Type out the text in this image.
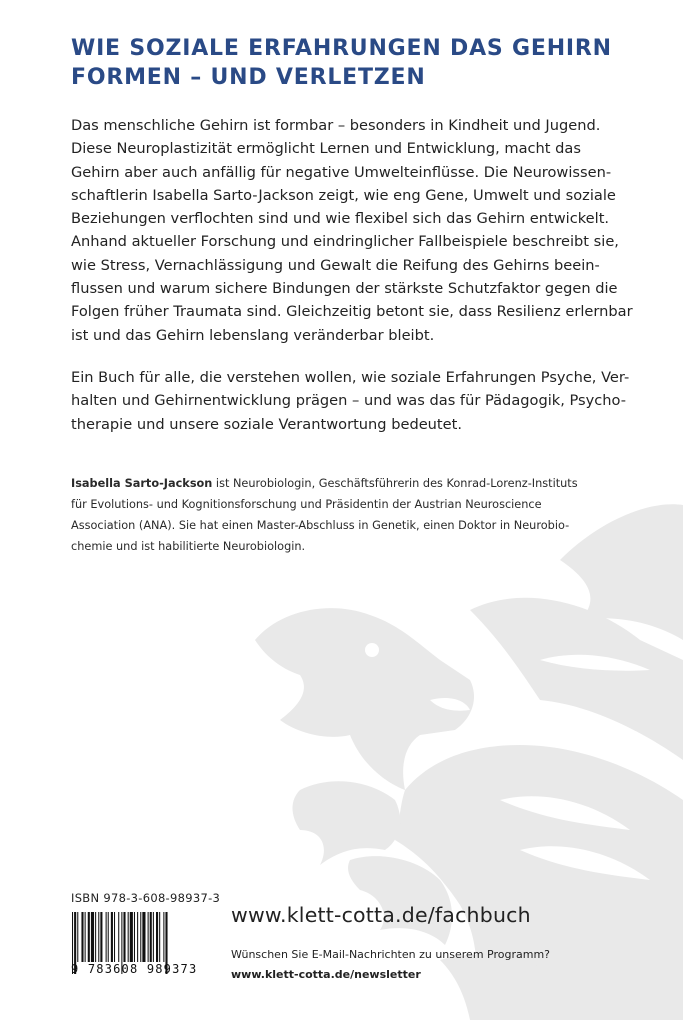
WIE SOZIALE ERFAHRUNGEN DAS GEHIRN
FORMEN – UND VERLETZEN
Das menschliche Gehirn ist formbar – besonders in Kindheit und Jugend.
Diese Neuroplastizität ermöglicht Lernen und Entwicklung, macht das
Gehirn aber auch anfällig für negative Umwelteinflüsse. Die Neurowissen-
schaftlerin Isabella Sarto-Jackson zeigt, wie eng Gene, Umwelt und soziale
Beziehungen verflochten sind und wie flexibel sich das Gehirn entwickelt.
Anhand aktueller Forschung und eindringlicher Fallbeispiele beschreibt sie,
wie Stress, Vernachlässigung und Gewalt die Reifung des Gehirns beein-
flussen und warum sichere Bindungen der stärkste Schutzfaktor gegen die
Folgen früher Traumata sind. Gleichzeitig betont sie, dass Resilienz erlernbar
ist und das Gehirn lebenslang veränderbar bleibt.
Ein Buch für alle, die verstehen wollen, wie soziale Erfahrungen Psyche, Ver-
halten und Gehirnentwicklung prägen – und was das für Pädagogik, Psycho-
therapie und unsere soziale Verantwortung bedeutet.
Isabella Sarto-Jackson ist Neurobiologin, Geschäftsführerin des Konrad-Lorenz-Instituts
für Evolutions- und Kognitionsforschung und Präsidentin der Austrian Neuroscience
Association (ANA). Sie hat einen Master-Abschluss in Genetik, einen Doktor in Neurobio-
chemie und ist habilitierte Neurobiologin.
ISBN 978-3-608-98937-3
9 783608 989373
www.klett-cotta.de/fachbuch
Wünschen Sie E-Mail-Nachrichten zu unserem Programm?
www.klett-cotta.de/newsletter
